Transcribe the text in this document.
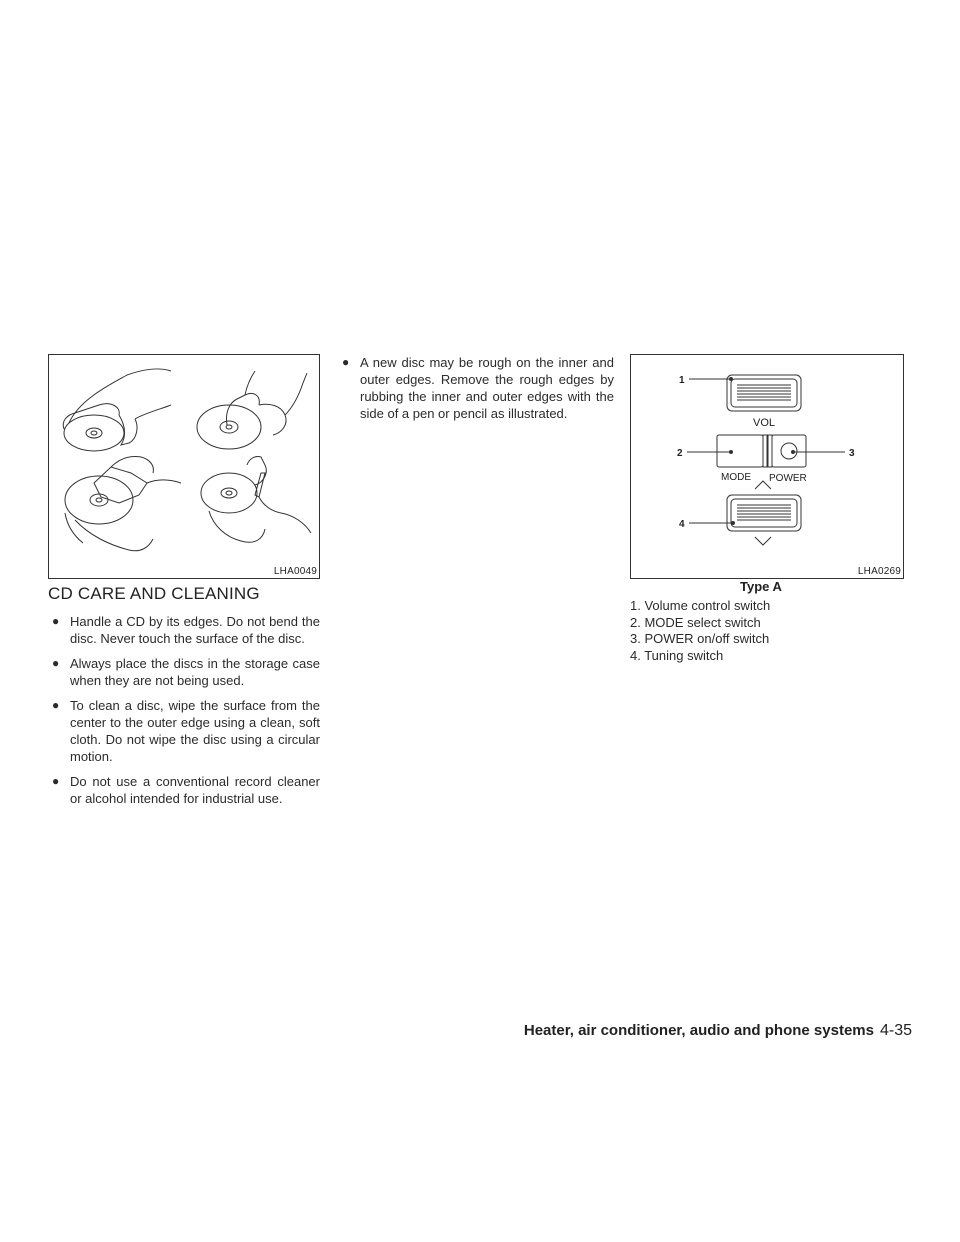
LHA0049
CD CARE AND CLEANING
● Handle a CD by its edges. Do not bend the disc. Never touch the surface of the disc.
● Always place the discs in the storage case when they are not being used.
● To clean a disc, wipe the surface from the center to the outer edge using a clean, soft cloth. Do not wipe the disc using a circular motion.
● Do not use a conventional record cleaner or alcohol intended for industrial use.
● A new disc may be rough on the inner and outer edges. Remove the rough edges by rubbing the inner and outer edges with the side of a pen or pencil as illustrated.
1
2	3
4
VOL
MODE POWER
LHA0269
Type A
1. Volume control switch
2. MODE select switch
3. POWER on/off switch
4. Tuning switch
Heater, air conditioner, audio and phone systems 4-35
